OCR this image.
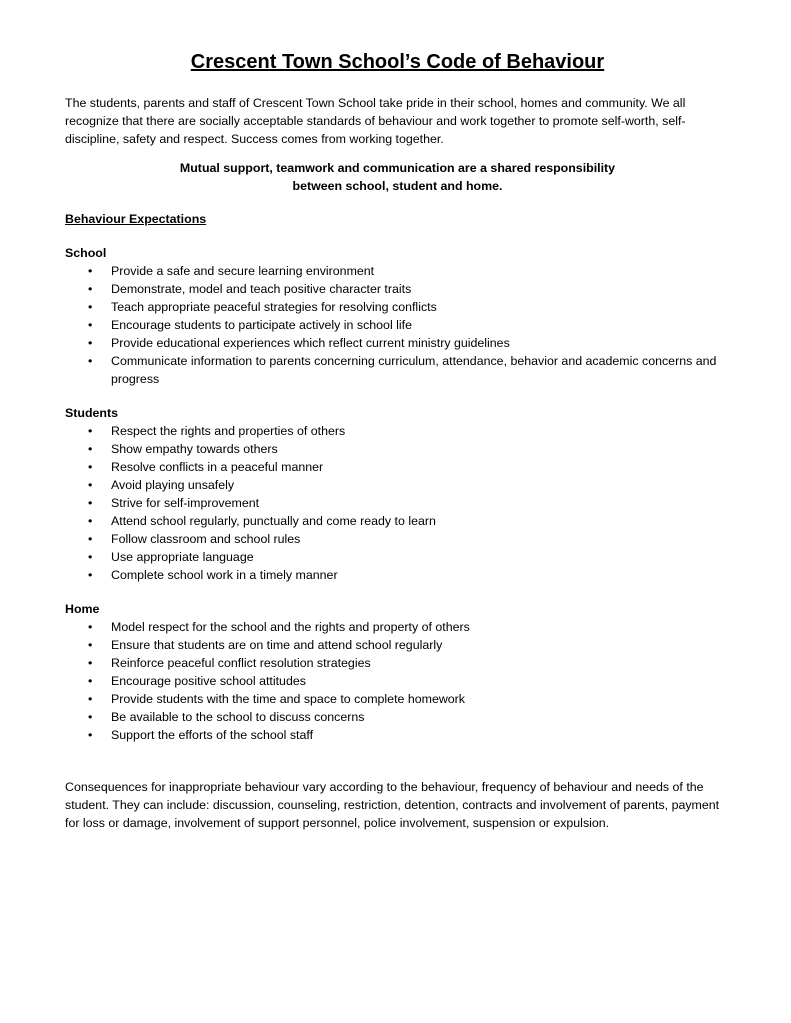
Crescent Town School’s Code of Behaviour

The students, parents and staff of Crescent Town School take pride in their school, homes and community. We all recognize that there are socially acceptable standards of behaviour and work together to promote self-worth, self-discipline, safety and respect. Success comes from working together.

Mutual support, teamwork and communication are a shared responsibility
between school, student and home.

Behaviour Expectations

School
• Provide a safe and secure learning environment
• Demonstrate, model and teach positive character traits
• Teach appropriate peaceful strategies for resolving conflicts
• Encourage students to participate actively in school life
• Provide educational experiences which reflect current ministry guidelines
• Communicate information to parents concerning curriculum, attendance, behavior and academic concerns and progress
Students
• Respect the rights and properties of others
• Show empathy towards others
• Resolve conflicts in a peaceful manner
• Avoid playing unsafely
• Strive for self-improvement
• Attend school regularly, punctually and come ready to learn
• Follow classroom and school rules
• Use appropriate language
• Complete school work in a timely manner
Home
• Model respect for the school and the rights and property of others
• Ensure that students are on time and attend school regularly
• Reinforce peaceful conflict resolution strategies
• Encourage positive school attitudes
• Provide students with the time and space to complete homework
• Be available to the school to discuss concerns
• Support the efforts of the school staff

Consequences for inappropriate behaviour vary according to the behaviour, frequency of behaviour and needs of the student. They can include: discussion, counseling, restriction, detention, contracts and involvement of parents, payment for loss or damage, involvement of support personnel, police involvement, suspension or expulsion.
